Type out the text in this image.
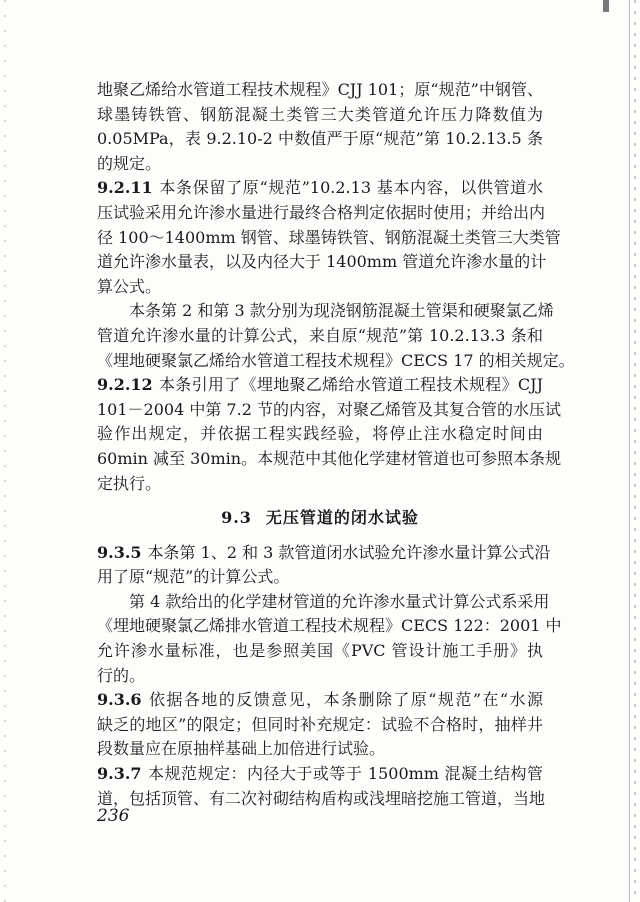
地聚乙烯给水管道工程技术规程》CJJ 101；原“规范”中钢管、
球墨铸铁管、钢筋混凝土类管三大类管道允许压力降数值为
0.05MPa，表 9.2.10-2 中数值严于原“规范”第 10.2.13.5 条
的规定。
9.2.11 本条保留了原“规范”10.2.13 基本内容，以供管道水
压试验采用允许渗水量进行最终合格判定依据时使用；并给出内
径 100～1400mm 钢管、球墨铸铁管、钢筋混凝土类管三大类管
道允许渗水量表，以及内径大于 1400mm 管道允许渗水量的计
算公式。
本条第 2 和第 3 款分别为现浇钢筋混凝土管渠和硬聚氯乙烯
管道允许渗水量的计算公式，来自原“规范”第 10.2.13.3 条和
《埋地硬聚氯乙烯给水管道工程技术规程》CECS 17 的相关规定。
9.2.12 本条引用了《埋地聚乙烯给水管道工程技术规程》CJJ
101－2004 中第 7.2 节的内容，对聚乙烯管及其复合管的水压试
验作出规定，并依据工程实践经验，将停止注水稳定时间由
60min 减至 30min。本规范中其他化学建材管道也可参照本条规
定执行。
9.3 无压管道的闭水试验
9.3.5 本条第 1、2 和 3 款管道闭水试验允许渗水量计算公式沿
用了原“规范”的计算公式。
第 4 款给出的化学建材管道的允许渗水量式计算公式系采用
《埋地硬聚氯乙烯排水管道工程技术规程》CECS 122：2001 中
允许渗水量标准，也是参照美国《PVC 管设计施工手册》执
行的。
9.3.6 依据各地的反馈意见，本条删除了原“规范”在“水源
缺乏的地区”的限定；但同时补充规定：试验不合格时，抽样井
段数量应在原抽样基础上加倍进行试验。
9.3.7 本规范规定：内径大于或等于 1500mm 混凝土结构管
道，包括顶管、有二次衬砌结构盾构或浅埋暗挖施工管道，当地
236
